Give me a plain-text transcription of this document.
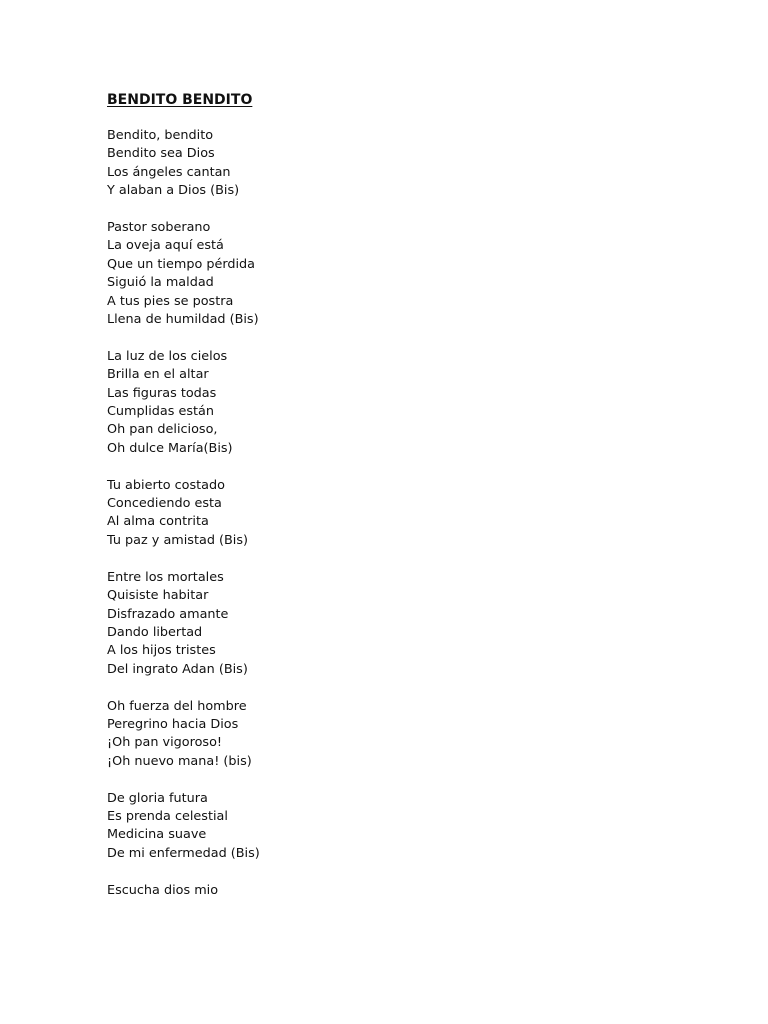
BENDITO BENDITO
Bendito, bendito
Bendito sea Dios
Los ángeles cantan
Y alaban a Dios (Bis)
Pastor soberano
La oveja aquí está
Que un tiempo pérdida
Siguió la maldad
A tus pies se postra
Llena de humildad (Bis)
La luz de los cielos
Brilla en el altar
Las figuras todas
Cumplidas están
Oh pan delicioso,
Oh dulce María(Bis)
Tu abierto costado
Concediendo esta
Al alma contrita
Tu paz y amistad (Bis)
Entre los mortales
Quisiste habitar
Disfrazado amante
Dando libertad
A los hijos tristes
Del ingrato Adan (Bis)
Oh fuerza del hombre
Peregrino hacia Dios
¡Oh pan vigoroso!
¡Oh nuevo mana! (bis)
De gloria futura
Es prenda celestial
Medicina suave
De mi enfermedad (Bis)
Escucha dios mio
